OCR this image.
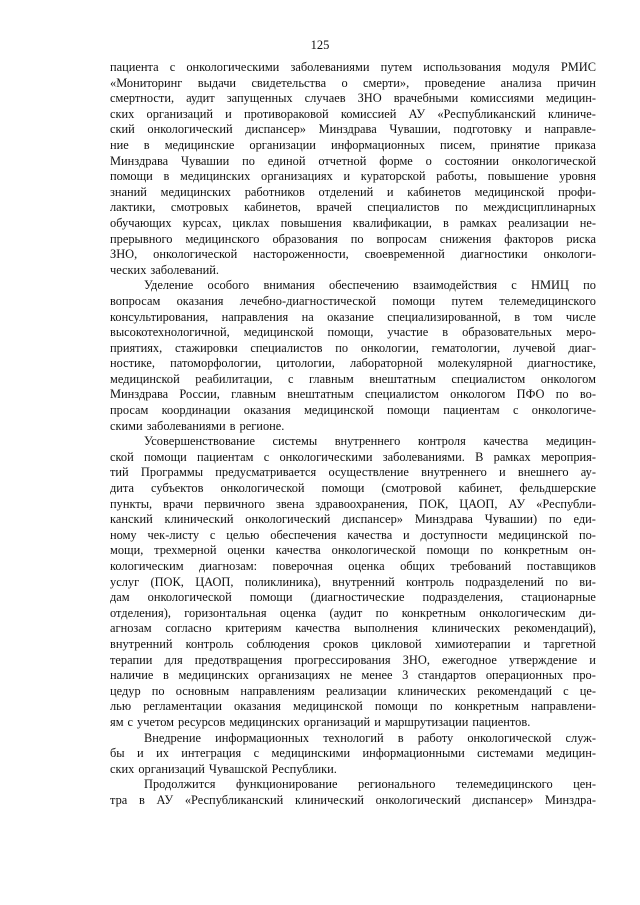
125
пациента с онкологическими заболеваниями путем использования модуля РМИС
«Мониторинг выдачи свидетельства о смерти», проведение анализа причин
смертности, аудит запущенных случаев ЗНО врачебными комиссиями медицин-
ских организаций и противораковой комиссией АУ «Республиканский клиниче-
ский онкологический диспансер» Минздрава Чувашии, подготовку и направле-
ние в медицинские организации информационных писем, принятие приказа
Минздрава Чувашии по единой отчетной форме о состоянии онкологической
помощи в медицинских организациях и кураторской работы, повышение уровня
знаний медицинских работников отделений и кабинетов медицинской профи-
лактики, смотровых кабинетов, врачей специалистов по междисциплинарных
обучающих курсах, циклах повышения квалификации, в рамках реализации не-
прерывного медицинского образования по вопросам снижения факторов риска
ЗНО, онкологической настороженности, своевременной диагностики онкологи-
ческих заболеваний.
Уделение особого внимания обеспечению взаимодействия с НМИЦ по
вопросам оказания лечебно-диагностической помощи путем телемедицинского
консультирования, направления на оказание специализированной, в том числе
высокотехнологичной, медицинской помощи, участие в образовательных меро-
приятиях, стажировки специалистов по онкологии, гематологии, лучевой диаг-
ностике, патоморфологии, цитологии, лабораторной молекулярной диагностике,
медицинской реабилитации, с главным внештатным специалистом онкологом
Минздрава России, главным внештатным специалистом онкологом ПФО по во-
просам координации оказания медицинской помощи пациентам с онкологиче-
скими заболеваниями в регионе.
Усовершенствование системы внутреннего контроля качества медицин-
ской помощи пациентам с онкологическими заболеваниями. В рамках мероприя-
тий Программы предусматривается осуществление внутреннего и внешнего ау-
дита субъектов онкологической помощи (смотровой кабинет, фельдшерские
пункты, врачи первичного звена здравоохранения, ПОК, ЦАОП, АУ «Республи-
канский клинический онкологический диспансер» Минздрава Чувашии) по еди-
ному чек-листу с целью обеспечения качества и доступности медицинской по-
мощи, трехмерной оценки качества онкологической помощи по конкретным он-
кологическим диагнозам: поверочная оценка общих требований поставщиков
услуг (ПОК, ЦАОП, поликлиника), внутренний контроль подразделений по ви-
дам онкологической помощи (диагностические подразделения, стационарные
отделения), горизонтальная оценка (аудит по конкретным онкологическим ди-
агнозам согласно критериям качества выполнения клинических рекомендаций),
внутренний контроль соблюдения сроков цикловой химиотерапии и таргетной
терапии для предотвращения прогрессирования ЗНО, ежегодное утверждение и
наличие в медицинских организациях не менее 3 стандартов операционных про-
цедур по основным направлениям реализации клинических рекомендаций с це-
лью регламентации оказания медицинской помощи по конкретным направлени-
ям с учетом ресурсов медицинских организаций и маршрутизации пациентов.
Внедрение информационных технологий в работу онкологической служ-
бы и их интеграция с медицинскими информационными системами медицин-
ских организаций Чувашской Республики.
Продолжится функционирование регионального телемедицинского цен-
тра в АУ «Республиканский клинический онкологический диспансер» Минздра-
